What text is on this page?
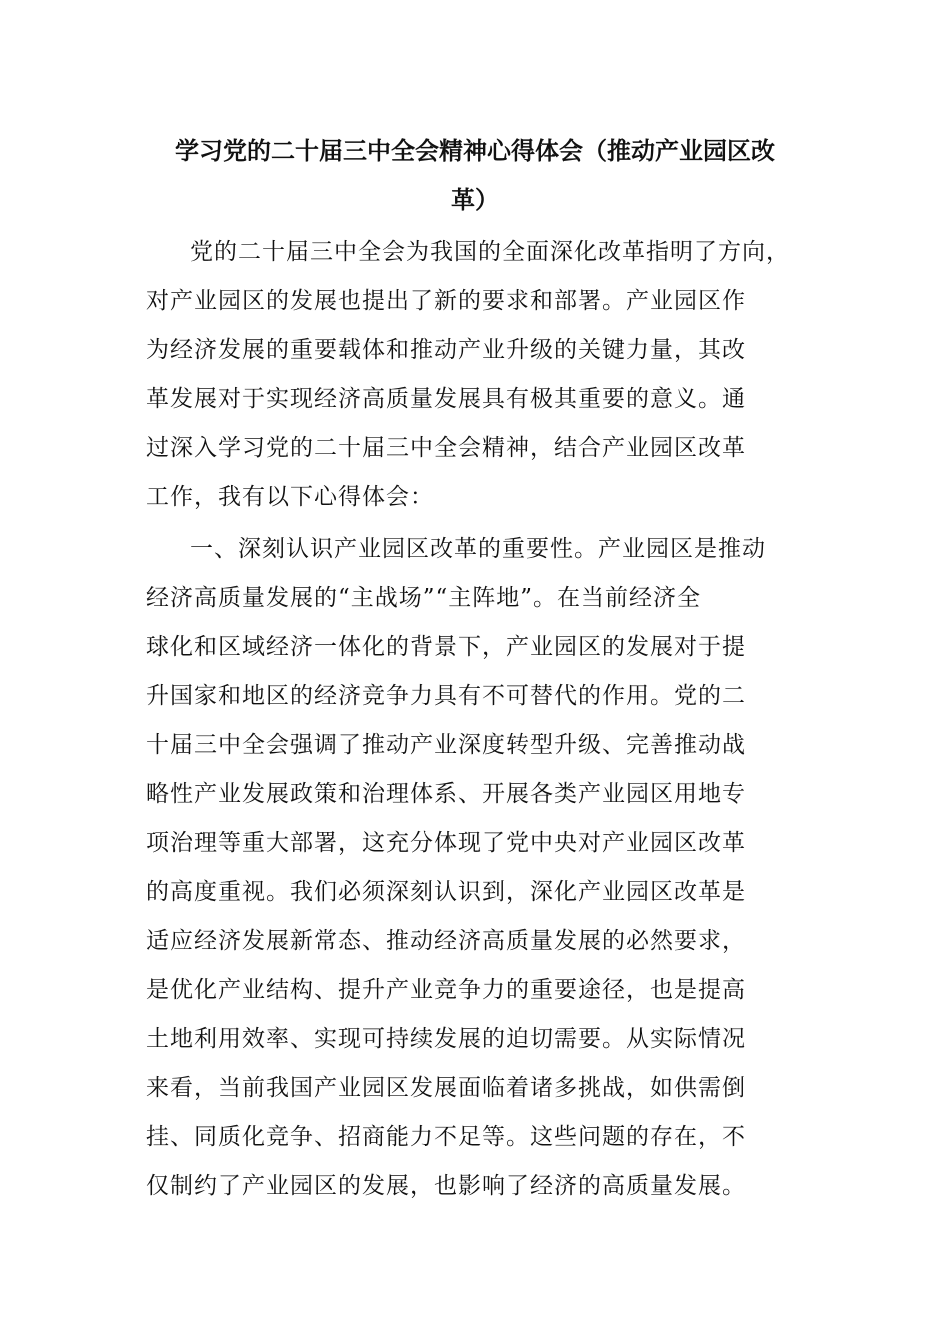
学习党的二十届三中全会精神心得体会（推动产业园区改
革）
党的二十届三中全会为我国的全面深化改革指明了方向，
对产业园区的发展也提出了新的要求和部署。产业园区作
为经济发展的重要载体和推动产业升级的关键力量，其改
革发展对于实现经济高质量发展具有极其重要的意义。通
过深入学习党的二十届三中全会精神，结合产业园区改革
工作，我有以下心得体会：
一、深刻认识产业园区改革的重要性。产业园区是推动
经济高质量发展的“主战场”“主阵地”。在当前经济全
球化和区域经济一体化的背景下，产业园区的发展对于提
升国家和地区的经济竞争力具有不可替代的作用。党的二
十届三中全会强调了推动产业深度转型升级、完善推动战
略性产业发展政策和治理体系、开展各类产业园区用地专
项治理等重大部署，这充分体现了党中央对产业园区改革
的高度重视。我们必须深刻认识到，深化产业园区改革是
适应经济发展新常态、推动经济高质量发展的必然要求，
是优化产业结构、提升产业竞争力的重要途径，也是提高
土地利用效率、实现可持续发展的迫切需要。从实际情况
来看，当前我国产业园区发展面临着诸多挑战，如供需倒
挂、同质化竞争、招商能力不足等。这些问题的存在，不
仅制约了产业园区的发展，也影响了经济的高质量发展。
